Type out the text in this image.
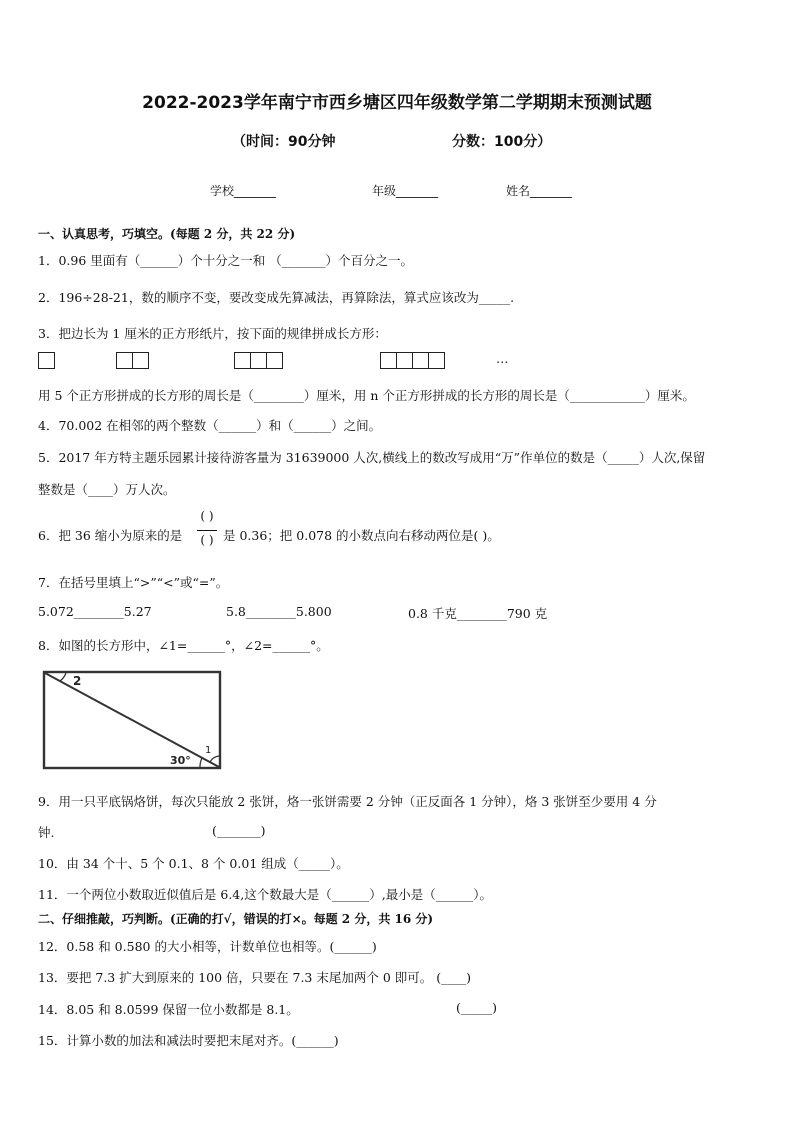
2022-2023学年南宁市西乡塘区四年级数学第二学期期末预测试题
（时间：90分钟	分数：100分）
学校_______	年级_______	姓名_______
一、认真思考，巧填空。(每题 2 分，共 22 分)
1．0.96 里面有（______）个十分之一和 （_______）个百分之一。
2．196÷28-21，数的顺序不变，要改变成先算减法，再算除法，算式应该改为_____.
3．把边长为 1 厘米的正方形纸片，按下面的规律拼成长方形：
…
用 5 个正方形拼成的长方形的周长是（________）厘米，用 n 个正方形拼成的长方形的周长是（____________）厘米。
4．70.002 在相邻的两个整数（______）和（______）之间。
5．2017 年方特主题乐园累计接待游客量为 31639000 人次,横线上的数改写成用“万”作单位的数是（_____）人次,保留
整数是（____）万人次。
6．把 36 缩小为原来的是
( )
( ) 是 0.36；把 0.078 的小数点向右移动两位是( )。
7．在括号里填上“>”“<”或“=”。
5.072________5.27	5.8________5.800	0.8 千克________790 克
8．如图的长方形中，∠1=______°，∠2=______°。
2
1
30°
9．用一只平底锅烙饼，每次只能放 2 张饼，烙一张饼需要 2 分钟（正反面各 1 分钟），烙 3 张饼至少要用 4 分
钟.	(_______)
10．由 34 个十、5 个 0.1、8 个 0.01 组成（_____）。
11．一个两位小数取近似值后是 6.4,这个数最大是（______）,最小是（______）。
二、仔细推敲，巧判断。(正确的打√，错误的打×。每题 2 分，共 16 分)
12．0.58 和 0.580 的大小相等，计数单位也相等。(______)
13．要把 7.3 扩大到原来的 100 倍，只要在 7.3 末尾加两个 0 即可。 (____)
14．8.05 和 8.0599 保留一位小数都是 8.1。	(_____)
15．计算小数的加法和减法时要把末尾对齐。(______)
